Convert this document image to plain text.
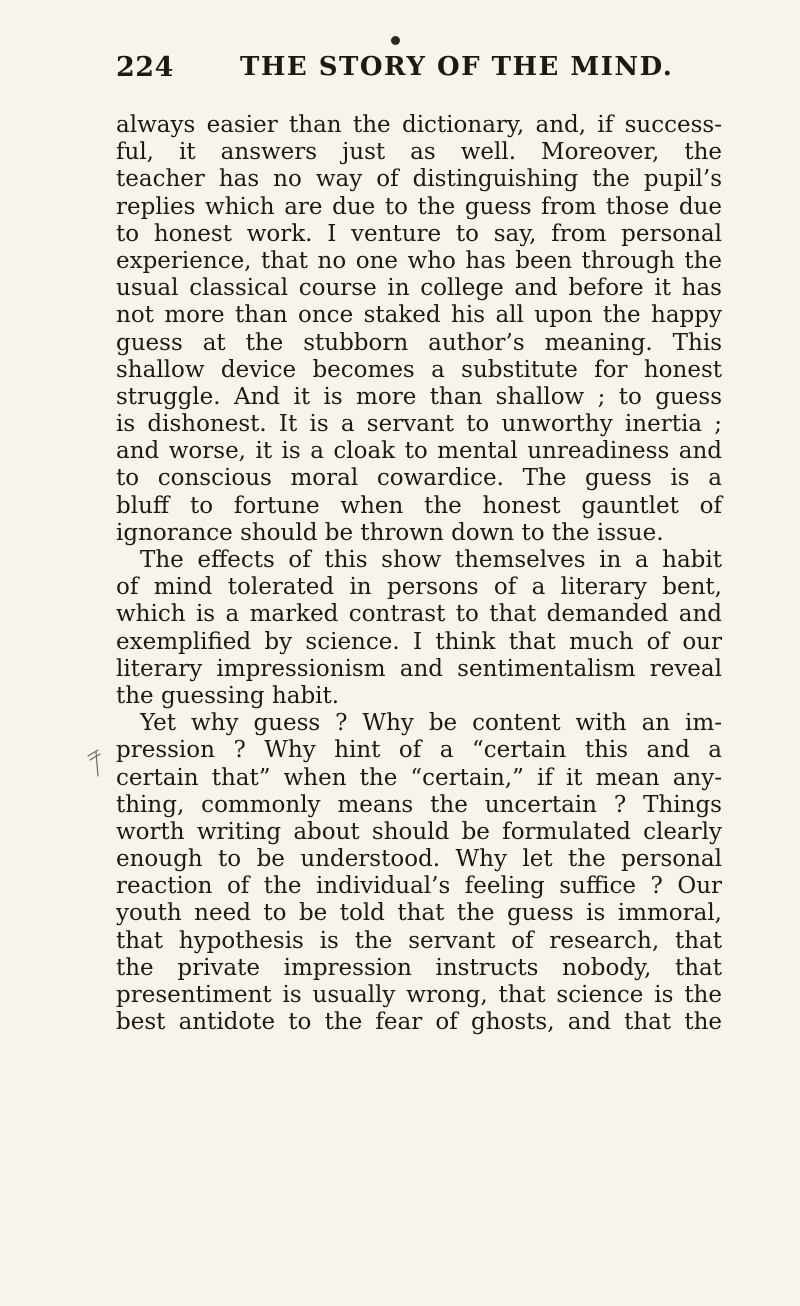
224	THE STORY OF THE MIND.
always easier than the dictionary, and, if success-
ful, it answers just as well. Moreover, the
teacher has no way of distinguishing the pupil’s
replies which are due to the guess from those due
to honest work. I venture to say, from personal
experience, that no one who has been through the
usual classical course in college and before it has
not more than once staked his all upon the happy
guess at the stubborn author’s meaning. This
shallow device becomes a substitute for honest
struggle. And it is more than shallow ; to guess
is dishonest. It is a servant to unworthy inertia ;
and worse, it is a cloak to mental unreadiness and
to conscious moral cowardice. The guess is a
bluff to fortune when the honest gauntlet of
ignorance should be thrown down to the issue.
The effects of this show themselves in a habit
of mind tolerated in persons of a literary bent,
which is a marked contrast to that demanded and
exemplified by science. I think that much of our
literary impressionism and sentimentalism reveal
the guessing habit.
Yet why guess ? Why be content with an im-
pression ? Why hint of a “certain this and a
certain that” when the “certain,” if it mean any-
thing, commonly means the uncertain ? Things
worth writing about should be formulated clearly
enough to be understood. Why let the personal
reaction of the individual’s feeling suffice ? Our
youth need to be told that the guess is immoral,
that hypothesis is the servant of research, that
the private impression instructs nobody, that
presentiment is usually wrong, that science is the
best antidote to the fear of ghosts, and that the
